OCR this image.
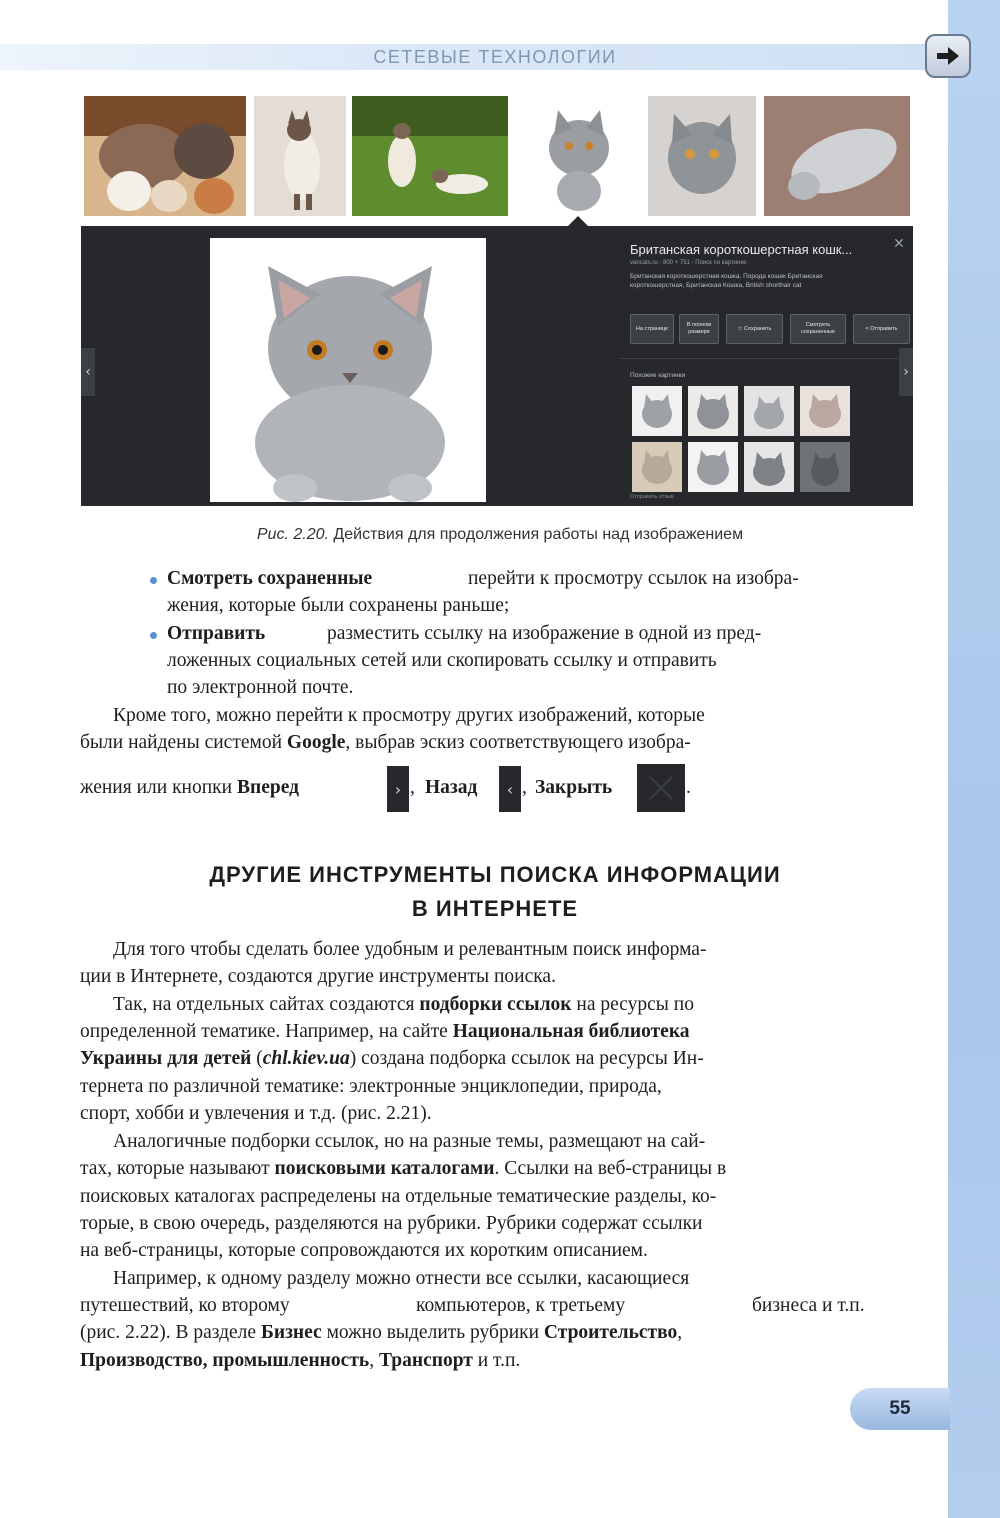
СЕТЕВЫЕ ТЕХНОЛОГИИ
‹	›
Британская короткошерстная кошк...
vancats.ru - 800 × 751 - Поиск по картинке
Британская короткошерстная кошка, Порода кошек Британская короткошерстная, Британская Кошка, British shorthair cat
✕
На странице
В полном размере
☆ Сохранить
Смотреть сохраненные
< Отправить
Похожие картинки
Отправить отзыв
Рис. 2.20. Действия для продолжения работы над изображением
Смотреть сохраненные	перейти к просмотру ссылок на изобра-
жения, которые были сохранены раньше;
Отправить	разместить ссылку на изображение в одной из пред-
ложенных социальных сетей или скопировать ссылку и отправить
по электронной почте.
Кроме того, можно перейти к просмотру других изображений, которые
были найдены системой Google, выбрав эскиз соответствующего изобра-
жения или кнопки Вперед	› , Назад ‹ , Закрыть	.
ДРУГИЕ ИНСТРУМЕНТЫ ПОИСКА ИНФОРМАЦИИ
В ИНТЕРНЕТЕ
Для того чтобы сделать более удобным и релевантным поиск информа-
ции в Интернете, создаются другие инструменты поиска.
Так, на отдельных сайтах создаются подборки ссылок на ресурсы по
определенной тематике. Например, на сайте Национальная библиотека
Украины для детей (chl.kiev.ua) создана подборка ссылок на ресурсы Ин-
тернета по различной тематике: электронные энциклопедии, природа,
спорт, хобби и увлечения и т.д. (рис. 2.21).
Аналогичные подборки ссылок, но на разные темы, размещают на сай-
тах, которые называют поисковыми каталогами. Ссылки на веб-страницы в
поисковых каталогах распределены на отдельные тематические разделы, ко-
торые, в свою очередь, разделяются на рубрики. Рубрики содержат ссылки
на веб-страницы, которые сопровождаются их коротким описанием.
Например, к одному разделу можно отнести все ссылки, касающиеся
путешествий, ко второму	компьютеров, к третьему	бизнеса и т.п.
(рис. 2.22). В разделе Бизнес можно выделить рубрики Строительство,
Производство, промышленность, Транспорт и т.п.
55
